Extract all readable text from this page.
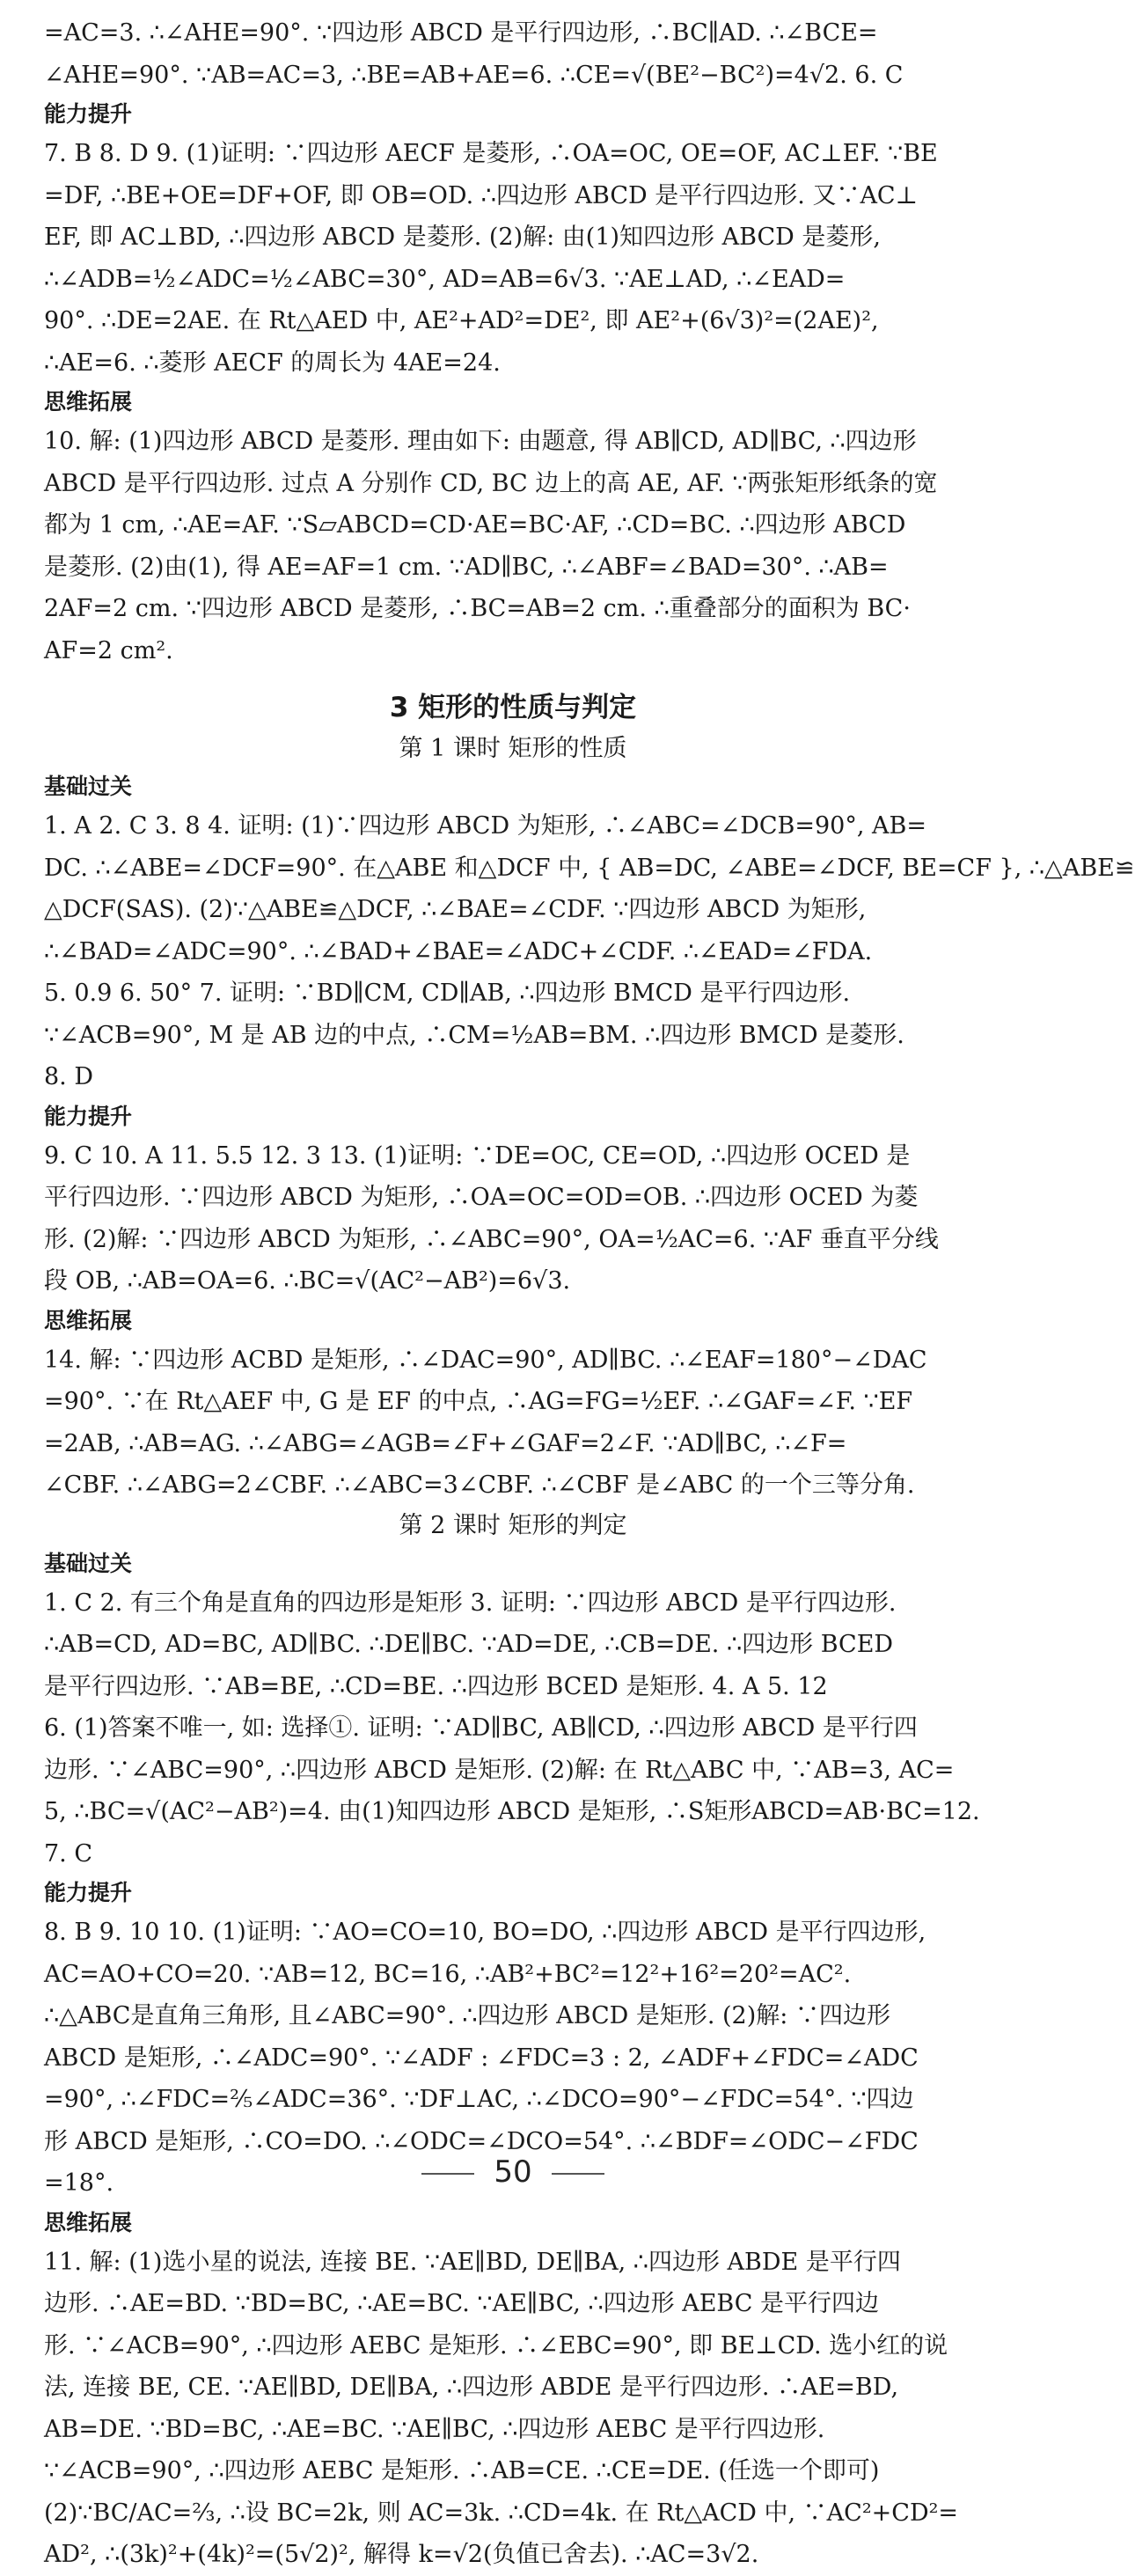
=AC=3. ∴∠AHE=90°. ∵四边形 ABCD 是平行四边形, ∴BC∥AD. ∴∠BCE=
∠AHE=90°. ∵AB=AC=3, ∴BE=AB+AE=6. ∴CE=√(BE²−BC²)=4√2. 6. C
能力提升
7. B 8. D 9. (1)证明: ∵四边形 AECF 是菱形, ∴OA=OC, OE=OF, AC⊥EF. ∵BE
=DF, ∴BE+OE=DF+OF, 即 OB=OD. ∴四边形 ABCD 是平行四边形. 又∵AC⊥
EF, 即 AC⊥BD, ∴四边形 ABCD 是菱形. (2)解: 由(1)知四边形 ABCD 是菱形,
∴∠ADB=½∠ADC=½∠ABC=30°, AD=AB=6√3. ∵AE⊥AD, ∴∠EAD=
90°. ∴DE=2AE. 在 Rt△AED 中, AE²+AD²=DE², 即 AE²+(6√3)²=(2AE)²,
∴AE=6. ∴菱形 AECF 的周长为 4AE=24.
思维拓展
10. 解: (1)四边形 ABCD 是菱形. 理由如下: 由题意, 得 AB∥CD, AD∥BC, ∴四边形
ABCD 是平行四边形. 过点 A 分别作 CD, BC 边上的高 AE, AF. ∵两张矩形纸条的宽
都为 1 cm, ∴AE=AF. ∵S▱ABCD=CD·AE=BC·AF, ∴CD=BC. ∴四边形 ABCD
是菱形. (2)由(1), 得 AE=AF=1 cm. ∵AD∥BC, ∴∠ABF=∠BAD=30°. ∴AB=
2AF=2 cm. ∵四边形 ABCD 是菱形, ∴BC=AB=2 cm. ∴重叠部分的面积为 BC·
AF=2 cm².
3 矩形的性质与判定
第 1 课时 矩形的性质
基础过关
1. A 2. C 3. 8 4. 证明: (1)∵四边形 ABCD 为矩形, ∴∠ABC=∠DCB=90°, AB=
DC. ∴∠ABE=∠DCF=90°. 在△ABE 和△DCF 中, { AB=DC, ∠ABE=∠DCF, BE=CF }, ∴△ABE≌
△DCF(SAS). (2)∵△ABE≌△DCF, ∴∠BAE=∠CDF. ∵四边形 ABCD 为矩形,
∴∠BAD=∠ADC=90°. ∴∠BAD+∠BAE=∠ADC+∠CDF. ∴∠EAD=∠FDA.
5. 0.9 6. 50° 7. 证明: ∵BD∥CM, CD∥AB, ∴四边形 BMCD 是平行四边形.
∵∠ACB=90°, M 是 AB 边的中点, ∴CM=½AB=BM. ∴四边形 BMCD 是菱形.
8. D
能力提升
9. C 10. A 11. 5.5 12. 3 13. (1)证明: ∵DE=OC, CE=OD, ∴四边形 OCED 是
平行四边形. ∵四边形 ABCD 为矩形, ∴OA=OC=OD=OB. ∴四边形 OCED 为菱
形. (2)解: ∵四边形 ABCD 为矩形, ∴∠ABC=90°, OA=½AC=6. ∵AF 垂直平分线
段 OB, ∴AB=OA=6. ∴BC=√(AC²−AB²)=6√3.
思维拓展
14. 解: ∵四边形 ACBD 是矩形, ∴∠DAC=90°, AD∥BC. ∴∠EAF=180°−∠DAC
=90°. ∵在 Rt△AEF 中, G 是 EF 的中点, ∴AG=FG=½EF. ∴∠GAF=∠F. ∵EF
=2AB, ∴AB=AG. ∴∠ABG=∠AGB=∠F+∠GAF=2∠F. ∵AD∥BC, ∴∠F=
∠CBF. ∴∠ABG=2∠CBF. ∴∠ABC=3∠CBF. ∴∠CBF 是∠ABC 的一个三等分角.
第 2 课时 矩形的判定
基础过关
1. C 2. 有三个角是直角的四边形是矩形 3. 证明: ∵四边形 ABCD 是平行四边形.
∴AB=CD, AD=BC, AD∥BC. ∴DE∥BC. ∵AD=DE, ∴CB=DE. ∴四边形 BCED
是平行四边形. ∵AB=BE, ∴CD=BE. ∴四边形 BCED 是矩形. 4. A 5. 12
6. (1)答案不唯一, 如: 选择①. 证明: ∵AD∥BC, AB∥CD, ∴四边形 ABCD 是平行四
边形. ∵∠ABC=90°, ∴四边形 ABCD 是矩形. (2)解: 在 Rt△ABC 中, ∵AB=3, AC=
5, ∴BC=√(AC²−AB²)=4. 由(1)知四边形 ABCD 是矩形, ∴S矩形ABCD=AB·BC=12.
7. C
能力提升
8. B 9. 10 10. (1)证明: ∵AO=CO=10, BO=DO, ∴四边形 ABCD 是平行四边形,
AC=AO+CO=20. ∵AB=12, BC=16, ∴AB²+BC²=12²+16²=20²=AC².
∴△ABC是直角三角形, 且∠ABC=90°. ∴四边形 ABCD 是矩形. (2)解: ∵四边形
ABCD 是矩形, ∴∠ADC=90°. ∵∠ADF : ∠FDC=3 : 2, ∠ADF+∠FDC=∠ADC
=90°, ∴∠FDC=⅖∠ADC=36°. ∵DF⊥AC, ∴∠DCO=90°−∠FDC=54°. ∵四边
形 ABCD 是矩形, ∴CO=DO. ∴∠ODC=∠DCO=54°. ∴∠BDF=∠ODC−∠FDC
=18°.
思维拓展
11. 解: (1)选小星的说法, 连接 BE. ∵AE∥BD, DE∥BA, ∴四边形 ABDE 是平行四
边形. ∴AE=BD. ∵BD=BC, ∴AE=BC. ∵AE∥BC, ∴四边形 AEBC 是平行四边
形. ∵∠ACB=90°, ∴四边形 AEBC 是矩形. ∴∠EBC=90°, 即 BE⊥CD. 选小红的说
法, 连接 BE, CE. ∵AE∥BD, DE∥BA, ∴四边形 ABDE 是平行四边形. ∴AE=BD,
AB=DE. ∵BD=BC, ∴AE=BC. ∵AE∥BC, ∴四边形 AEBC 是平行四边形.
∵∠ACB=90°, ∴四边形 AEBC 是矩形. ∴AB=CE. ∴CE=DE. (任选一个即可)
(2)∵BC/AC=⅔, ∴设 BC=2k, 则 AC=3k. ∴CD=4k. 在 Rt△ACD 中, ∵AC²+CD²=
AD², ∴(3k)²+(4k)²=(5√2)², 解得 k=√2(负值已舍去). ∴AC=3√2.
50
